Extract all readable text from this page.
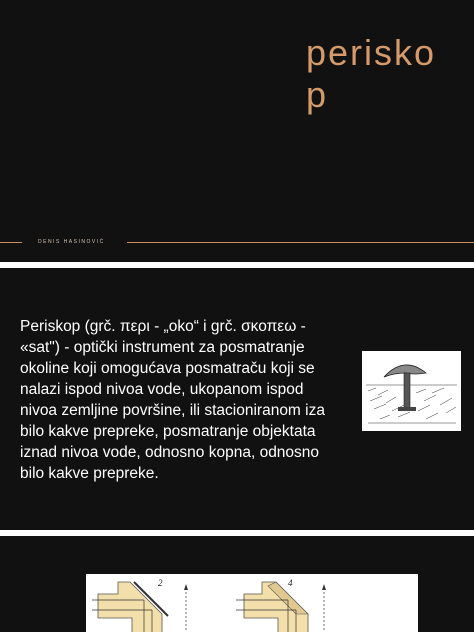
perisko p
DENIS HASINOVIĆ
Periskop (grč. περι - „oko“ i grč. σκοπεω -
«sat") - optički instrument za posmatranje
okoline koji omogućava posmatraču koji se
nalazi ispod nivoa vode, ukopanom ispod
nivoa zemljine površine, ili stacioniranom iza
bilo kakve prepreke, posmatranje objektata
iznad nivoa vode, odnosno kopna, odnosno
bilo kakve prepreke.
2	4
